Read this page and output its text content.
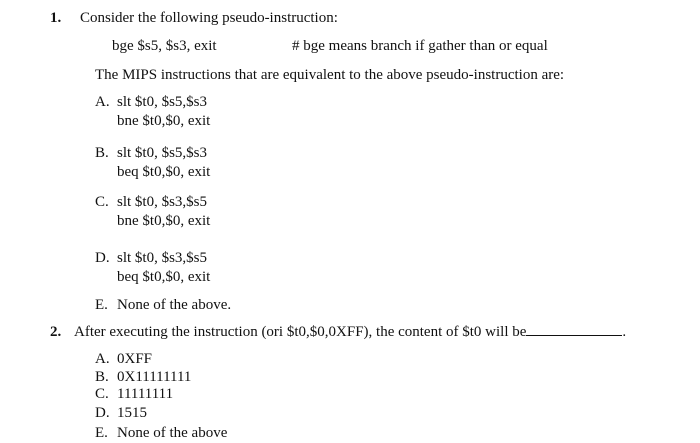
1. Consider the following pseudo-instruction:
bge $s5, $s3, exit	# bge means branch if gather than or equal
The MIPS instructions that are equivalent to the above pseudo-instruction are:
A. slt $t0, $s5,$s3
bne $t0,$0, exit
B. slt $t0, $s5,$s3
beq $t0,$0, exit
C. slt $t0, $s3,$s5
bne $t0,$0, exit
D. slt $t0, $s3,$s5
beq $t0,$0, exit
E. None of the above.
2. After executing the instruction (ori $t0,$0,0XFF), the content of $t0 will be	.
A. 0XFF
B. 0X11111111
C. 11111111
D. 1515
E. None of the above
